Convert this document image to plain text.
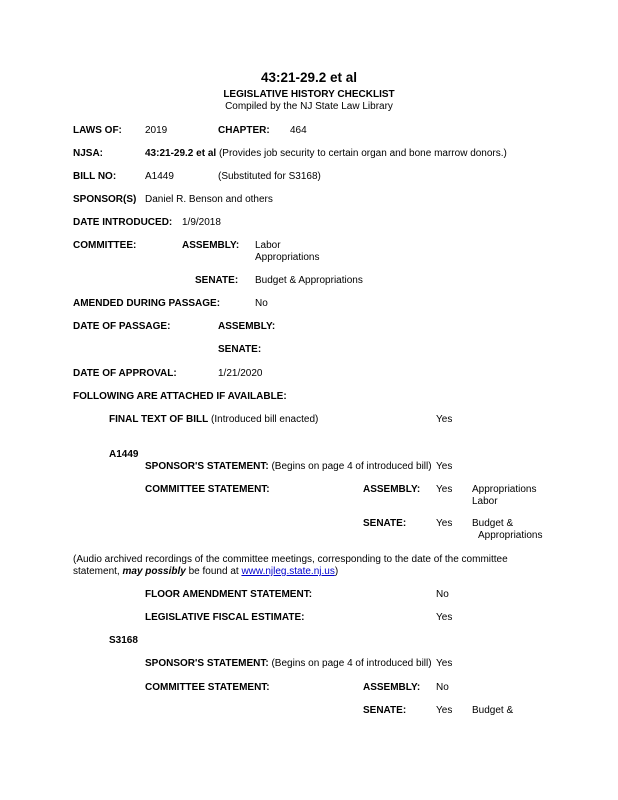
43:21-29.2 et al
LEGISLATIVE HISTORY CHECKLIST
Compiled by the NJ State Law Library
LAWS OF: 2019	CHAPTER: 464
NJSA:	43:21-29.2 et al (Provides job security to certain organ and bone marrow donors.)
BILL NO:	A1449	(Substituted for S3168)
SPONSOR(S) Daniel R. Benson and others
DATE INTRODUCED: 1/9/2018
COMMITTEE:	ASSEMBLY: Labor
Appropriations
SENATE: Budget & Appropriations
AMENDED DURING PASSAGE:	No
DATE OF PASSAGE:	ASSEMBLY:
SENATE:
DATE OF APPROVAL:	1/21/2020
FOLLOWING ARE ATTACHED IF AVAILABLE:
FINAL TEXT OF BILL (Introduced bill enacted)	Yes
A1449
SPONSOR'S STATEMENT: (Begins on page 4 of introduced bill) Yes
COMMITTEE STATEMENT:	ASSEMBLY: Yes Appropriations
Labor
SENATE:	Yes Budget &
Appropriations
(Audio archived recordings of the committee meetings, corresponding to the date of the committee
statement, may possibly be found at www.njleg.state.nj.us)
FLOOR AMENDMENT STATEMENT:	No
LEGISLATIVE FISCAL ESTIMATE:	Yes
S3168
SPONSOR'S STATEMENT: (Begins on page 4 of introduced bill) Yes
COMMITTEE STATEMENT:	ASSEMBLY: No
SENATE:	Yes Budget &
